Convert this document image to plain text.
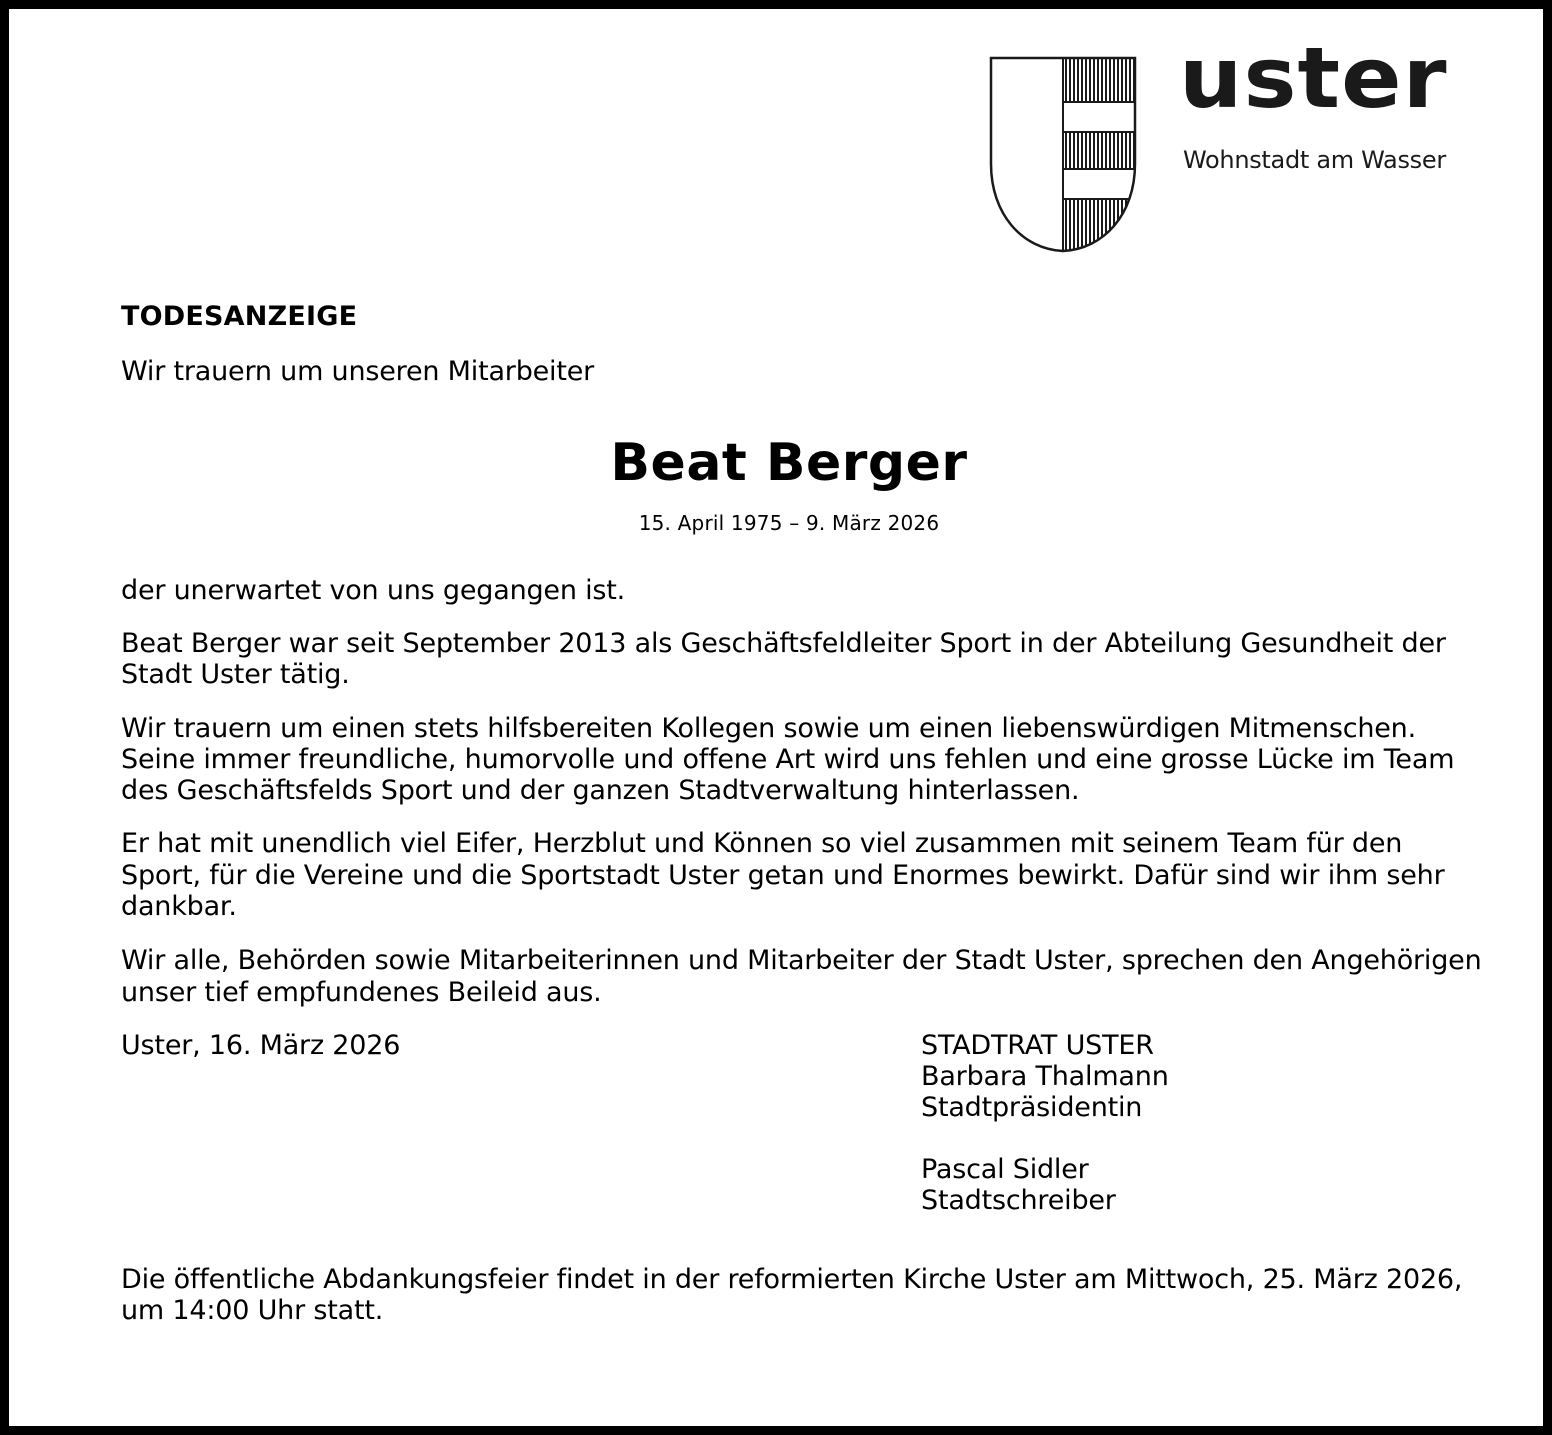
uster
Wohnstadt am Wasser
TODESANZEIGE
Wir trauern um unseren Mitarbeiter
Beat Berger
15. April 1975 – 9. März 2026
der unerwartet von uns gegangen ist.
Beat Berger war seit September 2013 als Geschäftsfeldleiter Sport in der Abteilung Gesundheit der
Stadt Uster tätig.
Wir trauern um einen stets hilfsbereiten Kollegen sowie um einen liebenswürdigen Mitmenschen.
Seine immer freundliche, humorvolle und offene Art wird uns fehlen und eine grosse Lücke im Team
des Geschäftsfelds Sport und der ganzen Stadtverwaltung hinterlassen.
Er hat mit unendlich viel Eifer, Herzblut und Können so viel zusammen mit seinem Team für den
Sport, für die Vereine und die Sportstadt Uster getan und Enormes bewirkt. Dafür sind wir ihm sehr
dankbar.
Wir alle, Behörden sowie Mitarbeiterinnen und Mitarbeiter der Stadt Uster, sprechen den Angehörigen
unser tief empfundenes Beileid aus.
Uster, 16. März 2026	STADTRAT USTER
Barbara Thalmann
Stadtpräsidentin
Pascal Sidler
Stadtschreiber
Die öffentliche Abdankungsfeier findet in der reformierten Kirche Uster am Mittwoch, 25. März 2026,
um 14:00 Uhr statt.
